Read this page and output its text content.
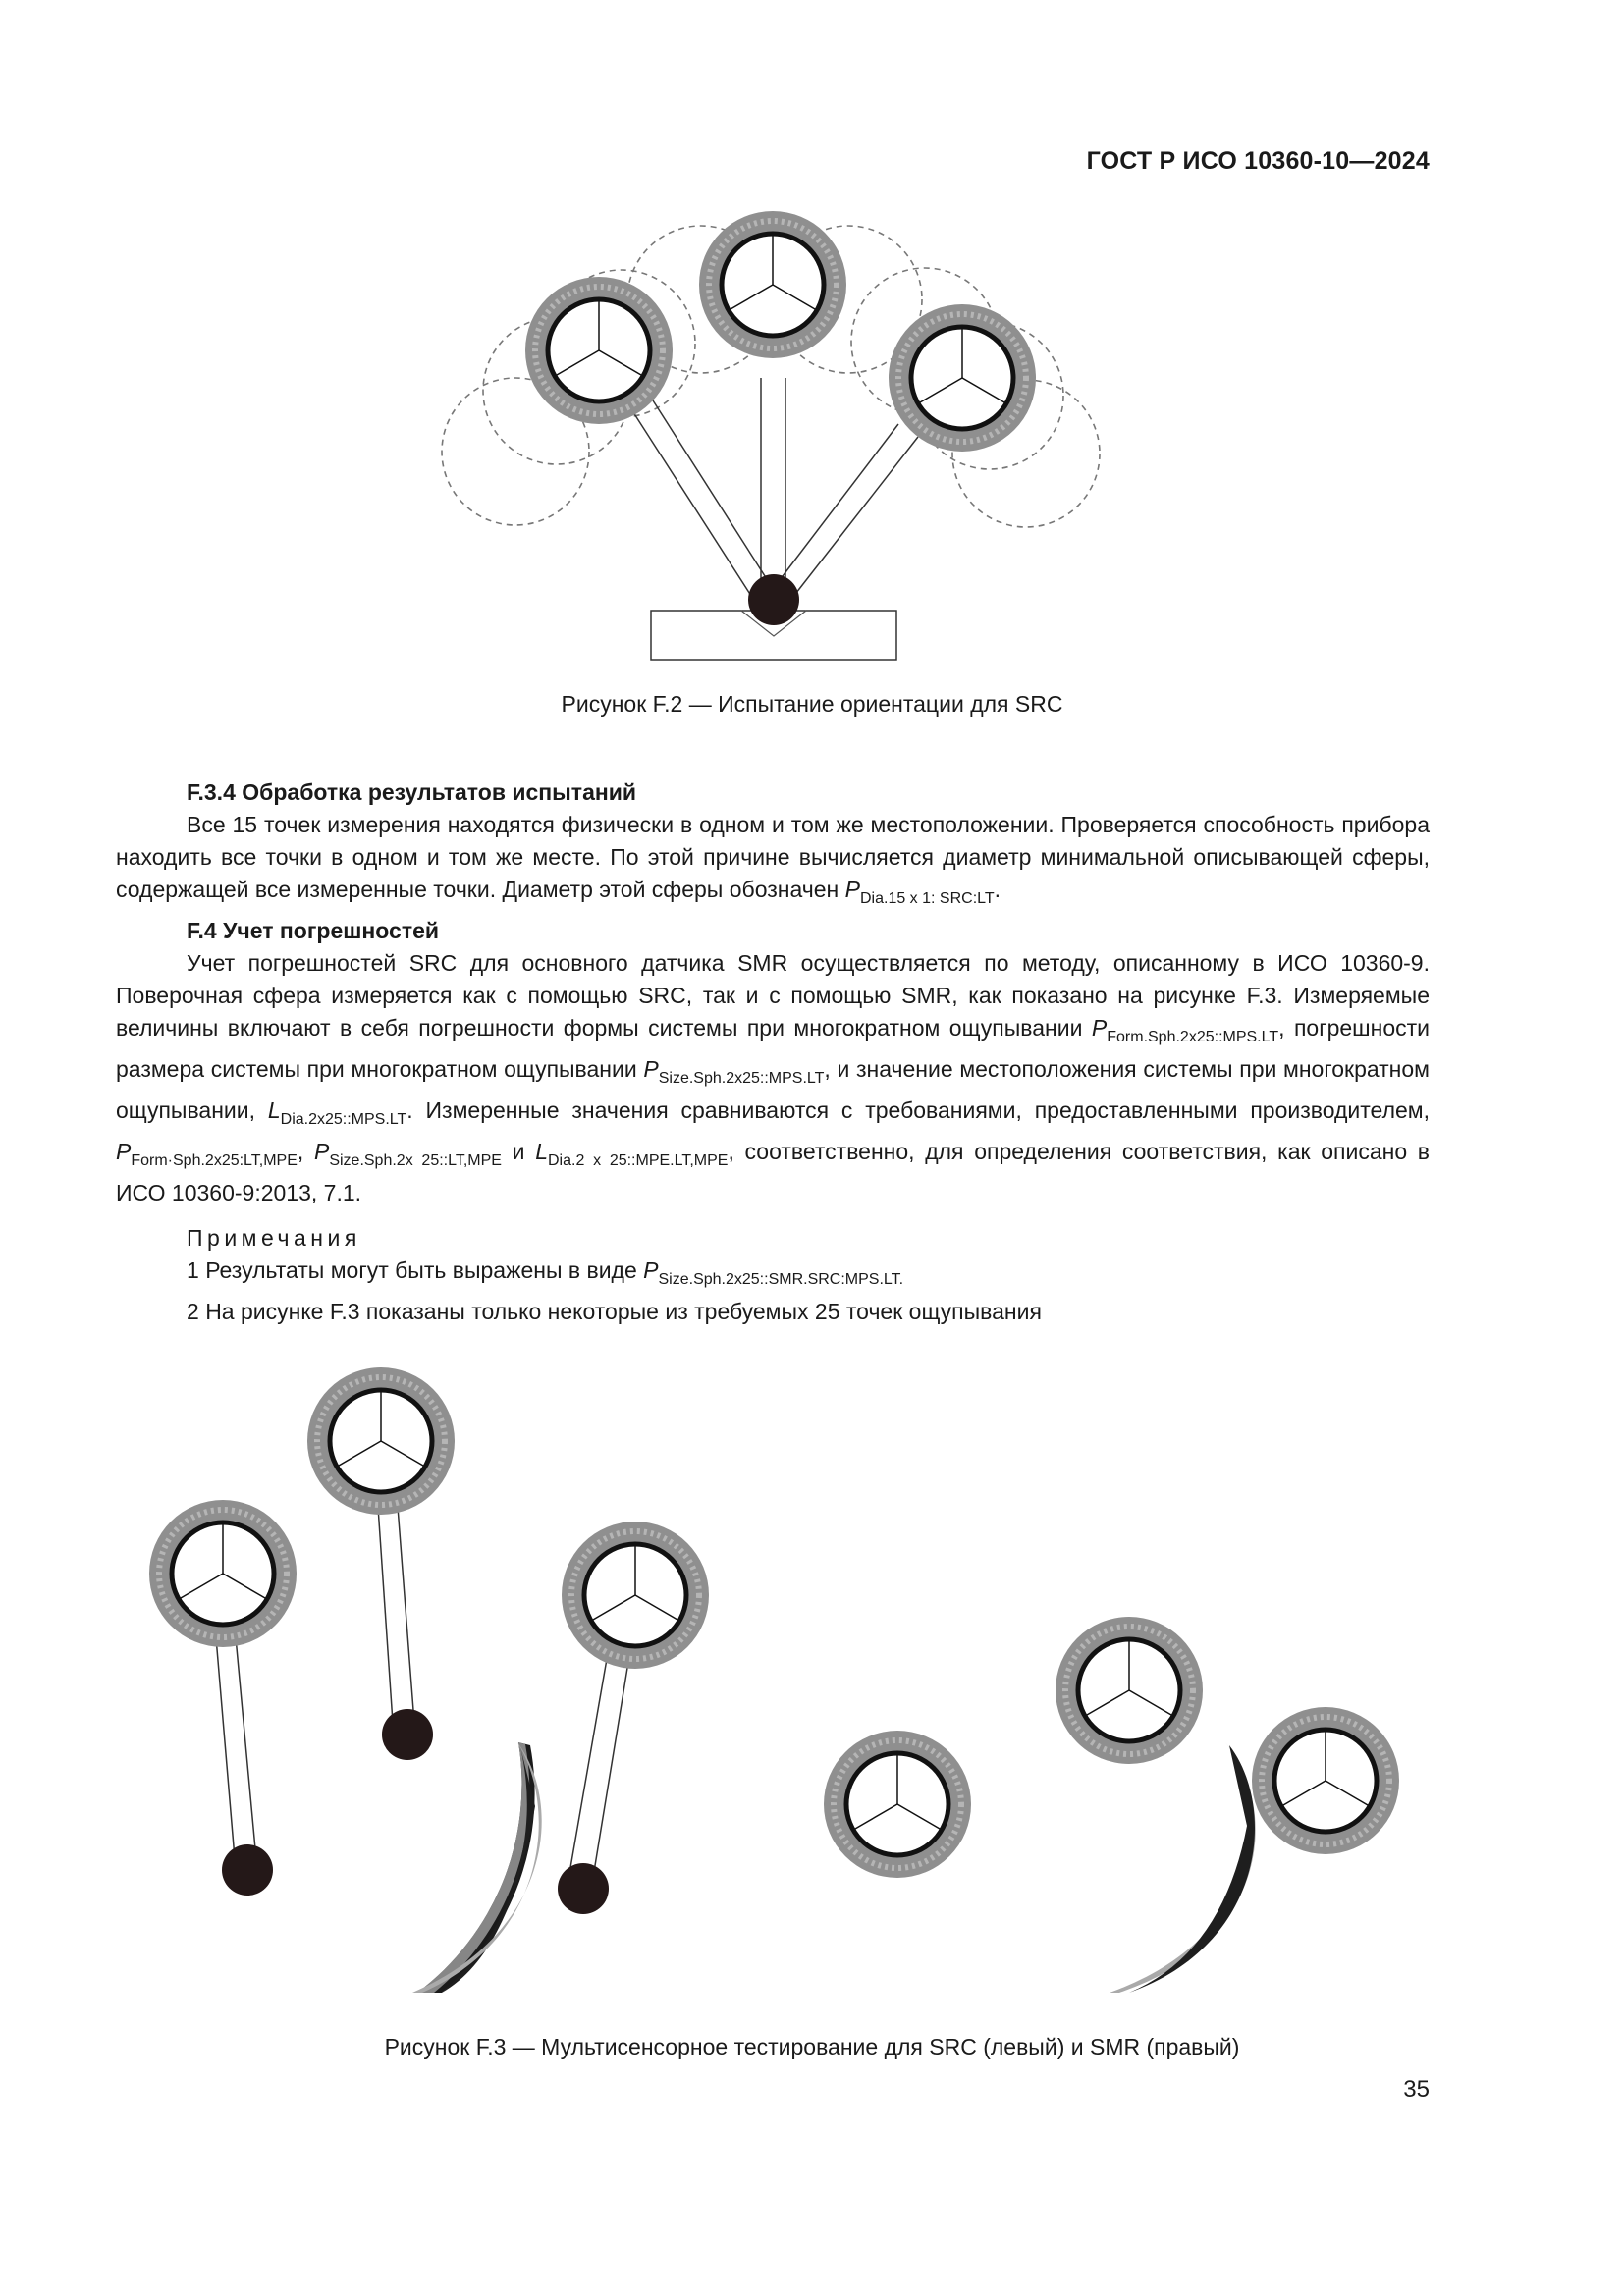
ГОСТ Р ИСО 10360-10—2024
Рисунок F.2 — Испытание ориентации для SRC
F.3.4 Обработка результатов испытаний

Все 15 точек измерения находятся физически в одном и том же местоположении. Проверяется способность прибора находить все точки в одном и том же месте. По этой причине вычисляется диаметр минимальной описывающей сферы, содержащей все измеренные точки. Диаметр этой сферы обозначен $P_{Dia.15 x 1: SRC:LT}$.

F.4 Учет погрешностей

Учет погрешностей SRC для основного датчика SMR осуществляется по методу, описанному в ИСО 10360-9. Поверочная сфера измеряется как с помощью SRC, так и с помощью SMR, как показано на рисунке F.3. Измеряемые величины включают в себя погрешности формы системы при многократном ощупывании $P_{Form.Sph.2x25::MPS.LT}$, погрешности размера системы при многократном ощупывании $P_{Size.Sph.2x25::MPS.LT}$, и значение местоположения системы при многократном ощупывании, $L_{Dia.2x25::MPS.LT}$. Измеренные значения сравниваются с требованиями, предоставленными производителем, $P_{Form\cdot Sph.2x25:LT,MPE}$, $P_{Size.Sph.2x 25::LT,MPE}$ и $L_{Dia.2 x 25::MPE.LT,MPE}$, соответственно, для определения соответствия, как описано в ИСО 10360-9:2013, 7.1.

Примечания
1 Результаты могут быть выражены в виде $P_{Size.Sph.2x25::SMR.SRC:MPS.LT.}$
2 На рисунке F.3 показаны только некоторые из требуемых 25 точек ощупывания
Рисунок F.3 — Мультисенсорное тестирование для SRC (левый) и SMR (правый)
35
